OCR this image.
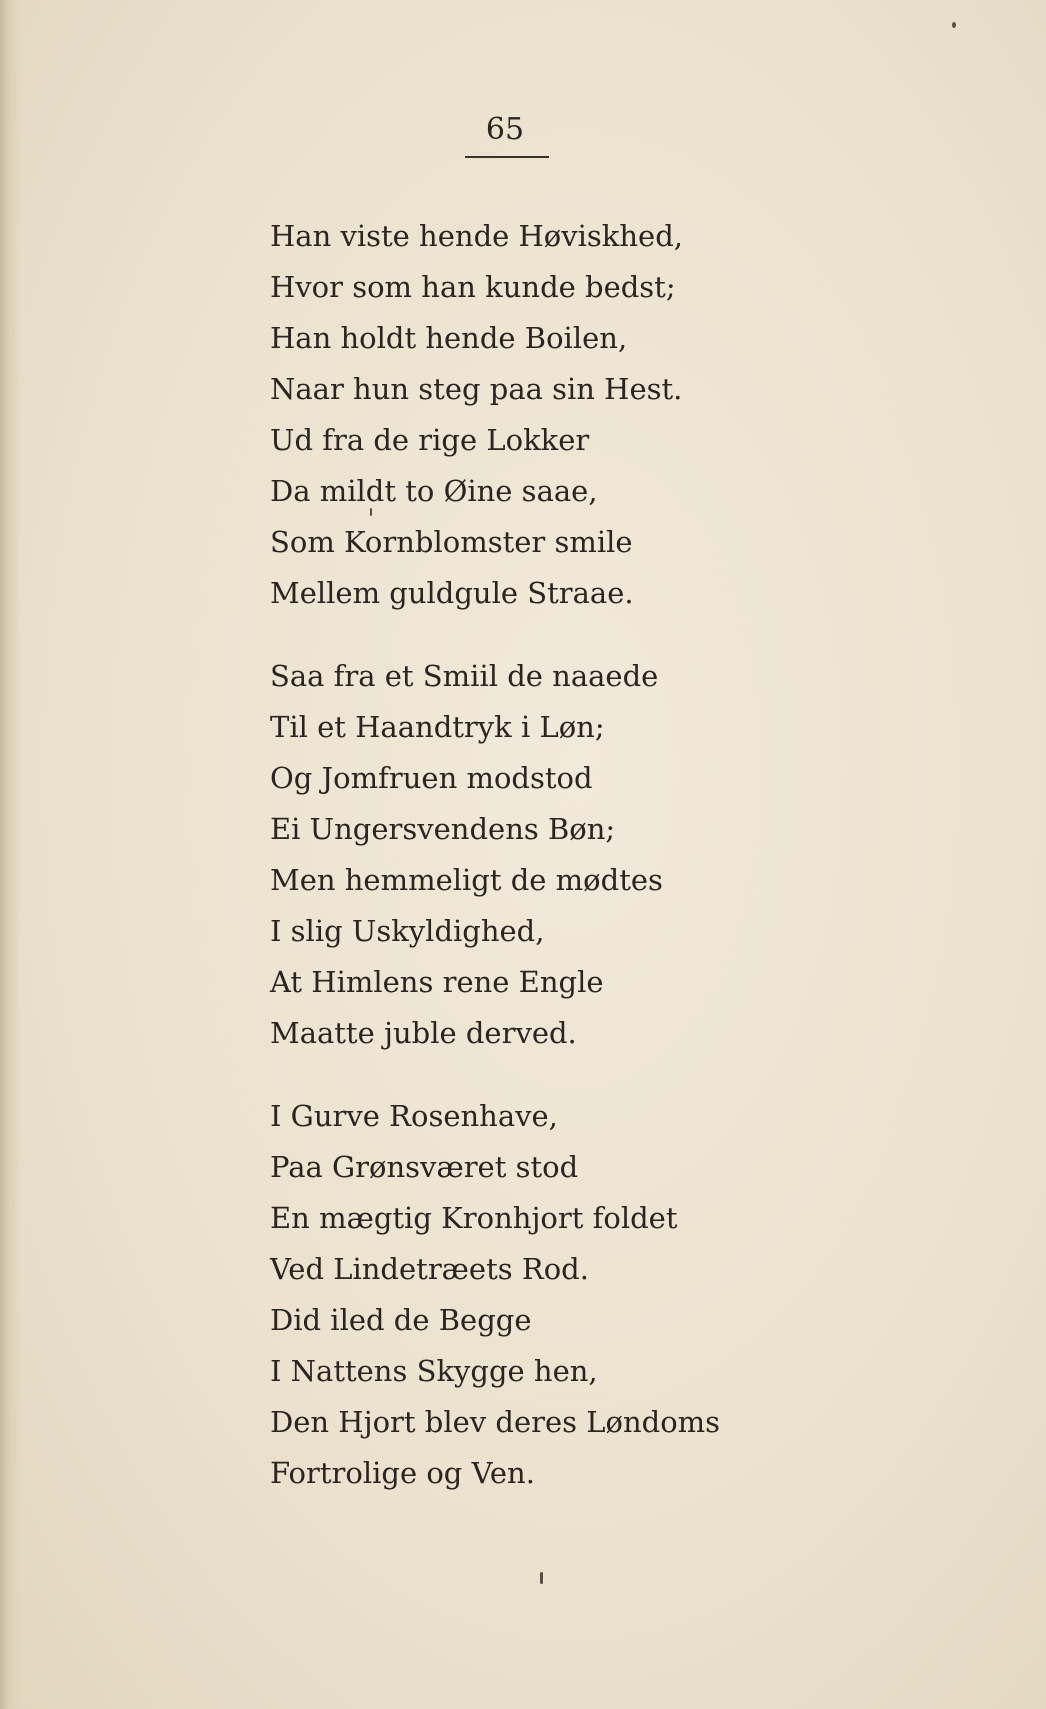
65
Han viste hende Høviskhed,
Hvor som han kunde bedst;
Han holdt hende Boilen,
Naar hun steg paa sin Hest.
Ud fra de rige Lokker
Da mildt to Øine saae,
Som Kornblomster smile
Mellem guldgule Straae.
Saa fra et Smiil de naaede
Til et Haandtryk i Løn;
Og Jomfruen modstod
Ei Ungersvendens Bøn;
Men hemmeligt de mødtes
I slig Uskyldighed,
At Himlens rene Engle
Maatte juble derved.
I Gurve Rosenhave,
Paa Grønsværet stod
En mægtig Kronhjort foldet
Ved Lindetræets Rod.
Did iled de Begge
I Nattens Skygge hen,
Den Hjort blev deres Løndoms
Fortrolige og Ven.
